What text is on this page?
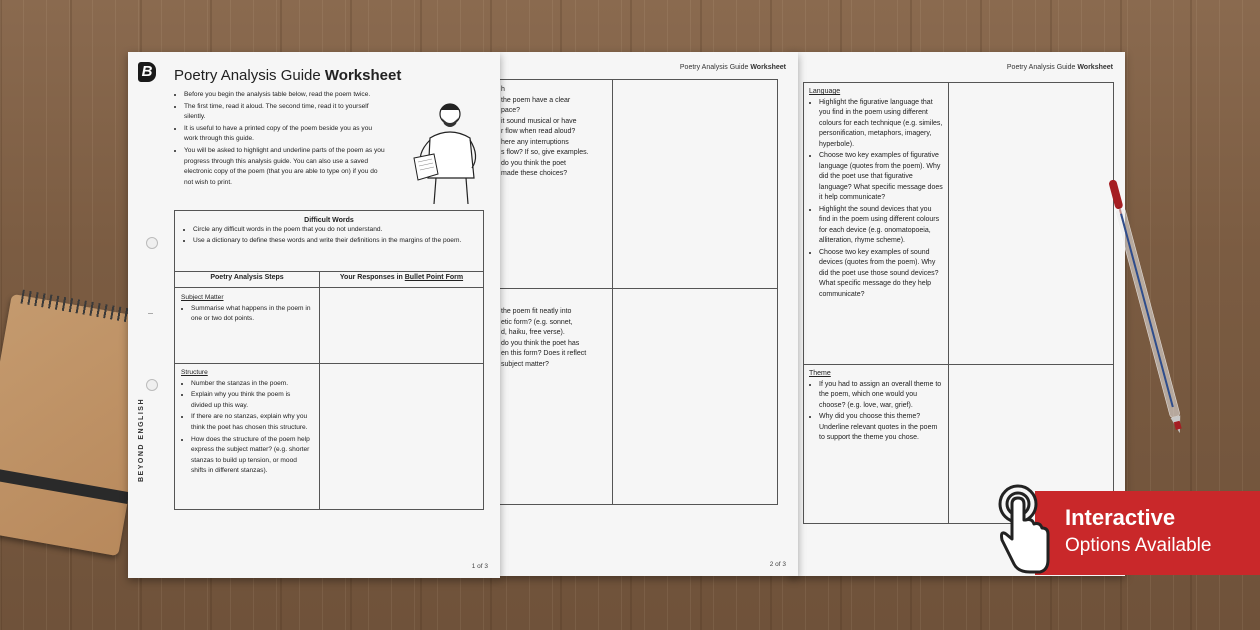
Poetry Analysis Guide Worksheet
Language
• Highlight the figurative language that you find in the poem using different colours for each technique (e.g. similes, personification, metaphors, imagery, hyperbole).
• Choose two key examples of figurative language (quotes from the poem). Why did the poet use that figurative language? What specific message does it help communicate?
• Highlight the sound devices that you find in the poem using different colours for each device (e.g. onomatopoeia, alliteration, rhyme scheme).
• Choose two key examples of sound devices (quotes from the poem). Why did the poet use those sound devices? What specific message do they help communicate?
Theme
• If you had to assign an overall theme to the poem, which one would you choose? (e.g. love, war, grief).
• Why did you choose this theme? Underline relevant quotes in the poem to support the theme you chose.
Poetry Analysis Guide Worksheet
h
the poem have a clear
pace?
it sound musical or have
r flow when read aloud?
here any interruptions
s flow? If so, give examples.
do you think the poet
made these choices?
the poem fit neatly into
etic form? (e.g. sonnet,
d, haiku, free verse).
do you think the poet has
en this form? Does it reflect
subject matter?
2 of 3
B Poetry Analysis Guide Worksheet
• Before you begin the analysis table below, read the poem twice.
• The first time, read it aloud. The second time, read it to yourself silently.
• It is useful to have a printed copy of the poem beside you as you work through this guide.
• You will be asked to highlight and underline parts of the poem as you progress through this analysis guide. You can also use a saved electronic copy of the poem (that you are able to type on) if you do not wish to print.
BEYOND ENGLISH
Difficult Words
• Circle any difficult words in the poem that you do not understand.
• Use a dictionary to define these words and write their definitions in the margins of the poem.
Poetry Analysis Steps	Your Responses in Bullet Point Form
Subject Matter
• Summarise what happens in the poem in one or two dot points.
Structure
• Number the stanzas in the poem.
• Explain why you think the poem is divided up this way.
• If there are no stanzas, explain why you think the poet has chosen this structure.
• How does the structure of the poem help express the subject matter? (e.g. shorter stanzas to build up tension, or mood shifts in different stanzas).
1 of 3
Interactive
Options Available
